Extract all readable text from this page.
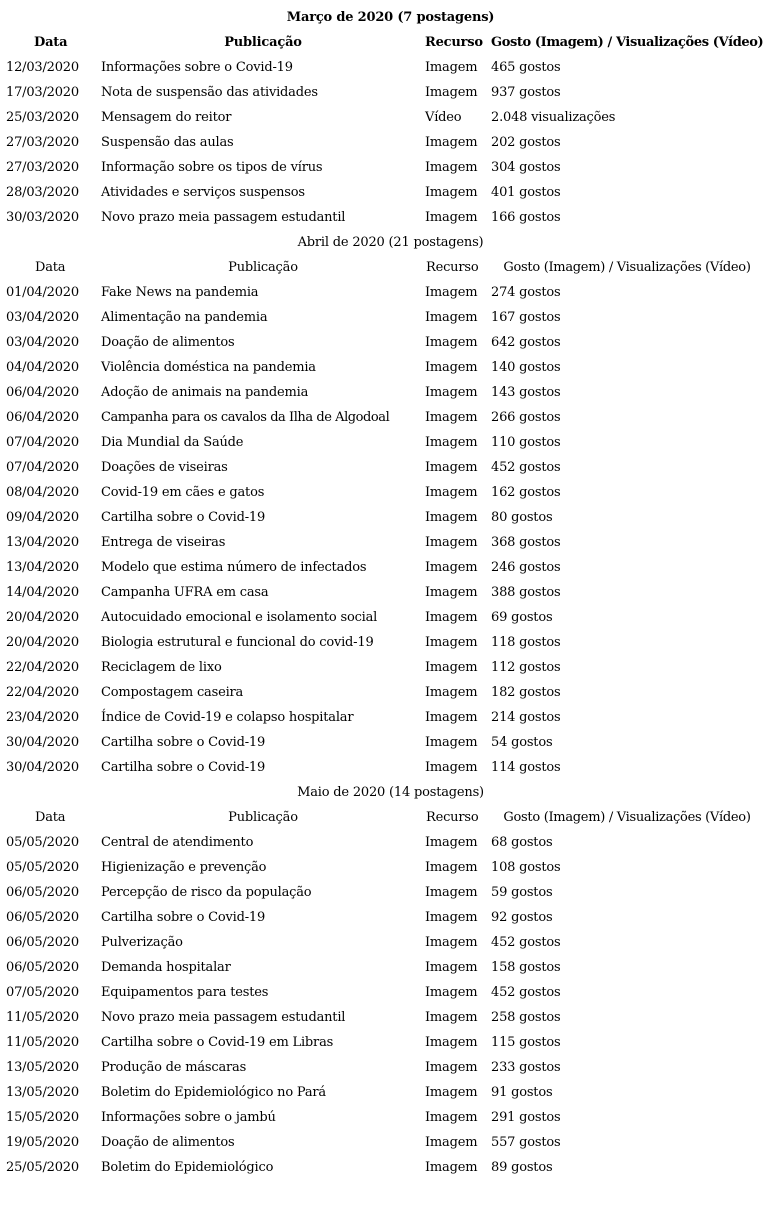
Março de 2020 (7 postagens)			
Data	Publicação	Recurso	Gosto (Imagem) / Visualizações (Vídeo)
12/03/2020	Informações sobre o Covid-19	Imagem	465 gostos
17/03/2020	Nota de suspensão das atividades	Imagem	937 gostos
25/03/2020	Mensagem do reitor	Vídeo	2.048 visualizações
27/03/2020	Suspensão das aulas	Imagem	202 gostos
27/03/2020	Informação sobre os tipos de vírus	Imagem	304 gostos
28/03/2020	Atividades e serviços suspensos	Imagem	401 gostos
30/03/2020	Novo prazo meia passagem estudantil	Imagem	166 gostos
Abril de 2020 (21 postagens)			
Data	Publicação	Recurso	Gosto (Imagem) / Visualizações (Vídeo)
01/04/2020	Fake News na pandemia	Imagem	274 gostos
03/04/2020	Alimentação na pandemia	Imagem	167 gostos
03/04/2020	Doação de alimentos	Imagem	642 gostos
04/04/2020	Violência doméstica na pandemia	Imagem	140 gostos
06/04/2020	Adoção de animais na pandemia	Imagem	143 gostos
06/04/2020	Campanha para os cavalos da Ilha de Algodoal	Imagem	266 gostos
07/04/2020	Dia Mundial da Saúde	Imagem	110 gostos
07/04/2020	Doações de viseiras	Imagem	452 gostos
08/04/2020	Covid-19 em cães e gatos	Imagem	162 gostos
09/04/2020	Cartilha sobre o Covid-19	Imagem	80 gostos
13/04/2020	Entrega de viseiras	Imagem	368 gostos
13/04/2020	Modelo que estima número de infectados	Imagem	246 gostos
14/04/2020	Campanha UFRA em casa	Imagem	388 gostos
20/04/2020	Autocuidado emocional e isolamento social	Imagem	69 gostos
20/04/2020	Biologia estrutural e funcional do covid-19	Imagem	118 gostos
22/04/2020	Reciclagem de lixo	Imagem	112 gostos
22/04/2020	Compostagem caseira	Imagem	182 gostos
23/04/2020	Índice de Covid-19 e colapso hospitalar	Imagem	214 gostos
30/04/2020	Cartilha sobre o Covid-19	Imagem	54 gostos
30/04/2020	Cartilha sobre o Covid-19	Imagem	114 gostos
Maio de 2020 (14 postagens)			
Data	Publicação	Recurso	Gosto (Imagem) / Visualizações (Vídeo)
05/05/2020	Central de atendimento	Imagem	68 gostos
05/05/2020	Higienização e prevenção	Imagem	108 gostos
06/05/2020	Percepção de risco da população	Imagem	59 gostos
06/05/2020	Cartilha sobre o Covid-19	Imagem	92 gostos
06/05/2020	Pulverização	Imagem	452 gostos
06/05/2020	Demanda hospitalar	Imagem	158 gostos
07/05/2020	Equipamentos para testes	Imagem	452 gostos
11/05/2020	Novo prazo meia passagem estudantil	Imagem	258 gostos
11/05/2020	Cartilha sobre o Covid-19 em Libras	Imagem	115 gostos
13/05/2020	Produção de máscaras	Imagem	233 gostos
13/05/2020	Boletim do Epidemiológico no Pará	Imagem	91 gostos
15/05/2020	Informações sobre o jambú	Imagem	291 gostos
19/05/2020	Doação de alimentos	Imagem	557 gostos
25/05/2020	Boletim do Epidemiológico	Imagem	89 gostos
